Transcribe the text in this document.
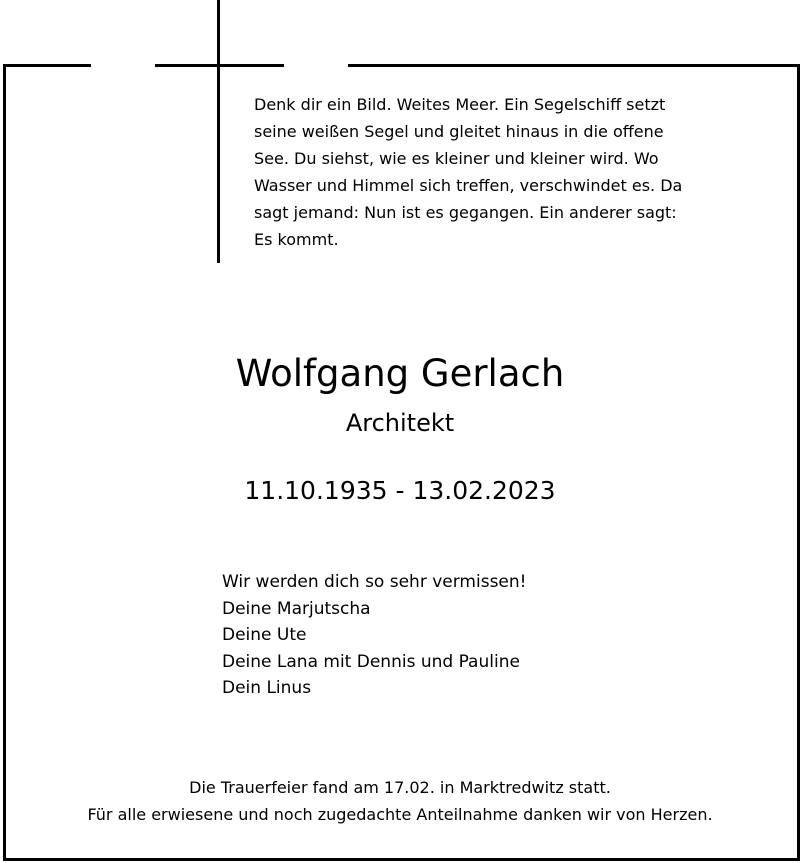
Denk dir ein Bild. Weites Meer. Ein Segelschiff setzt
seine weißen Segel und gleitet hinaus in die offene
See. Du siehst, wie es kleiner und kleiner wird. Wo
Wasser und Himmel sich treffen, verschwindet es. Da
sagt jemand: Nun ist es gegangen. Ein anderer sagt:
Es kommt.

Wolfgang Gerlach
Architekt
11.10.1935 - 13.02.2023
Wir werden dich so sehr vermissen!
Deine Marjutscha
Deine Ute
Deine Lana mit Dennis und Pauline
Dein Linus
Die Trauerfeier fand am 17.02. in Marktredwitz statt.
Für alle erwiesene und noch zugedachte Anteilnahme danken wir von Herzen.
